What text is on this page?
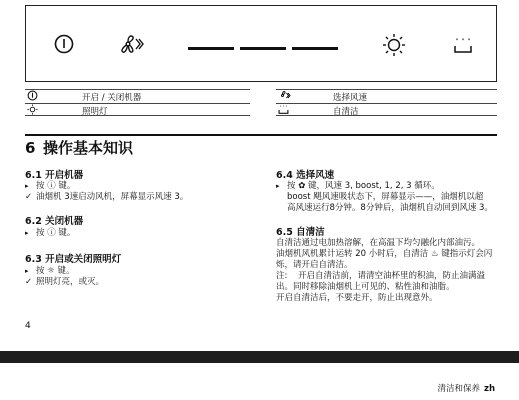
开启 / 关闭机器
照明灯
选择风速
自清洁
6 操作基本知识
6.1 开启机器
▸ 按 ⓘ 键。
✓ 油烟机 3速启动风机，屏幕显示风速 3。
6.2 关闭机器
▸ 按 ⓘ 键。
6.3 开启或关闭照明灯
▸ 按 ☼ 键。
✓ 照明灯亮，或灭。
6.4 选择风速
▸ 按 ✿ 键，风速 3, boost, 1, 2, 3 循环。
boost 飓风速吸状态下，屏幕显示——，油烟机以超
高风速运行8分钟。8分钟后，油烟机自动回到风速 3。
6.5 自清洁
自清洁通过电加热溶解，在高温下均匀融化内部油污。
油烟机风机累计运转 20 小时后，自清洁 ♨ 键指示灯会闪
烁，请开启自清洁。
注: 开启自清洁前，请清空油杯里的积油，防止油满溢
出。同时移除油烟机上可见的、粘性油和油脂。
开启自清洁后，不要走开，防止出现意外。
4
清洁和保养 zh
